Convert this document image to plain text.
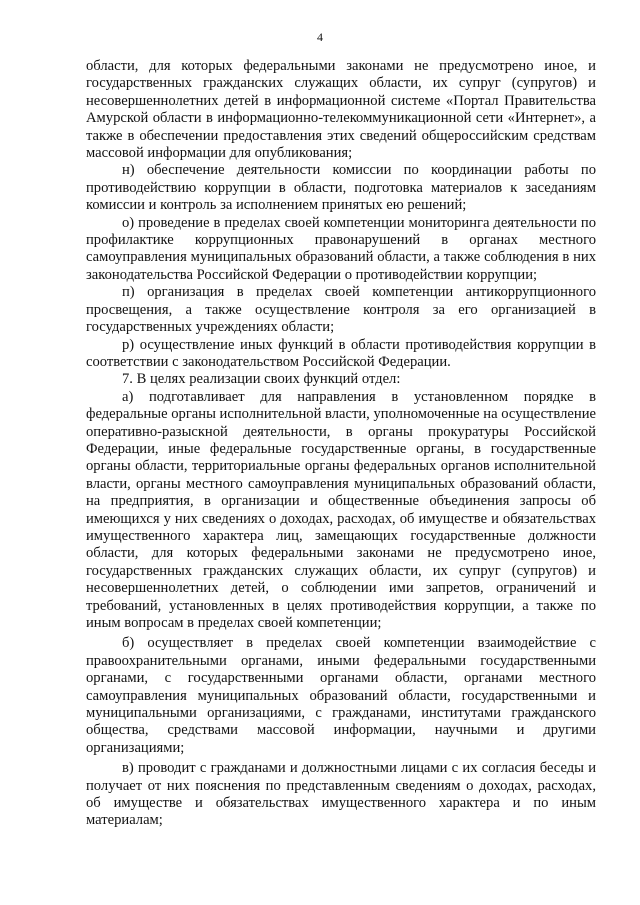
4

области, для которых федеральными законами не предусмотрено иное, и государственных гражданских служащих области, их супруг (супругов) и несовершеннолетних детей в информационной системе «Портал Правительства Амурской области в информационно-телекоммуникационной сети «Интернет», а также в обеспечении предоставления этих сведений общероссийским средствам массовой информации для опубликования;

н) обеспечение деятельности комиссии по координации работы по противодействию коррупции в области, подготовка материалов к заседаниям комиссии и контроль за исполнением принятых ею решений;

о) проведение в пределах своей компетенции мониторинга деятельности по профилактике коррупционных правонарушений в органах местного самоуправления муниципальных образований области, а также соблюдения в них законодательства Российской Федерации о противодействии коррупции;

п) организация в пределах своей компетенции антикоррупционного просвещения, а также осуществление контроля за его организацией в государственных учреждениях области;

р) осуществление иных функций в области противодействия коррупции в соответствии с законодательством Российской Федерации.

7. В целях реализации своих функций отдел:

а) подготавливает для направления в установленном порядке в федеральные органы исполнительной власти, уполномоченные на осуществление оперативно-разыскной деятельности, в органы прокуратуры Российской Федерации, иные федеральные государственные органы, в государственные органы области, территориальные органы федеральных органов исполнительной власти, органы местного самоуправления муниципальных образований области, на предприятия, в организации и общественные объединения запросы об имеющихся у них сведениях о доходах, расходах, об имуществе и обязательствах имущественного характера лиц, замещающих государственные должности области, для которых федеральными законами не предусмотрено иное, государственных гражданских служащих области, их супруг (супругов) и несовершеннолетних детей, о соблюдении ими запретов, ограничений и требований, установленных в целях противодействия коррупции, а также по иным вопросам в пределах своей компетенции;

б) осуществляет в пределах своей компетенции взаимодействие с правоохранительными органами, иными федеральными государственными органами, с государственными органами области, органами местного самоуправления муниципальных образований области, государственными и муниципальными организациями, с гражданами, институтами гражданского общества, средствами массовой информации, научными и другими организациями;

в) проводит с гражданами и должностными лицами с их согласия беседы и получает от них пояснения по представленным сведениям о доходах, расходах, об имуществе и обязательствах имущественного характера и по иным материалам;
